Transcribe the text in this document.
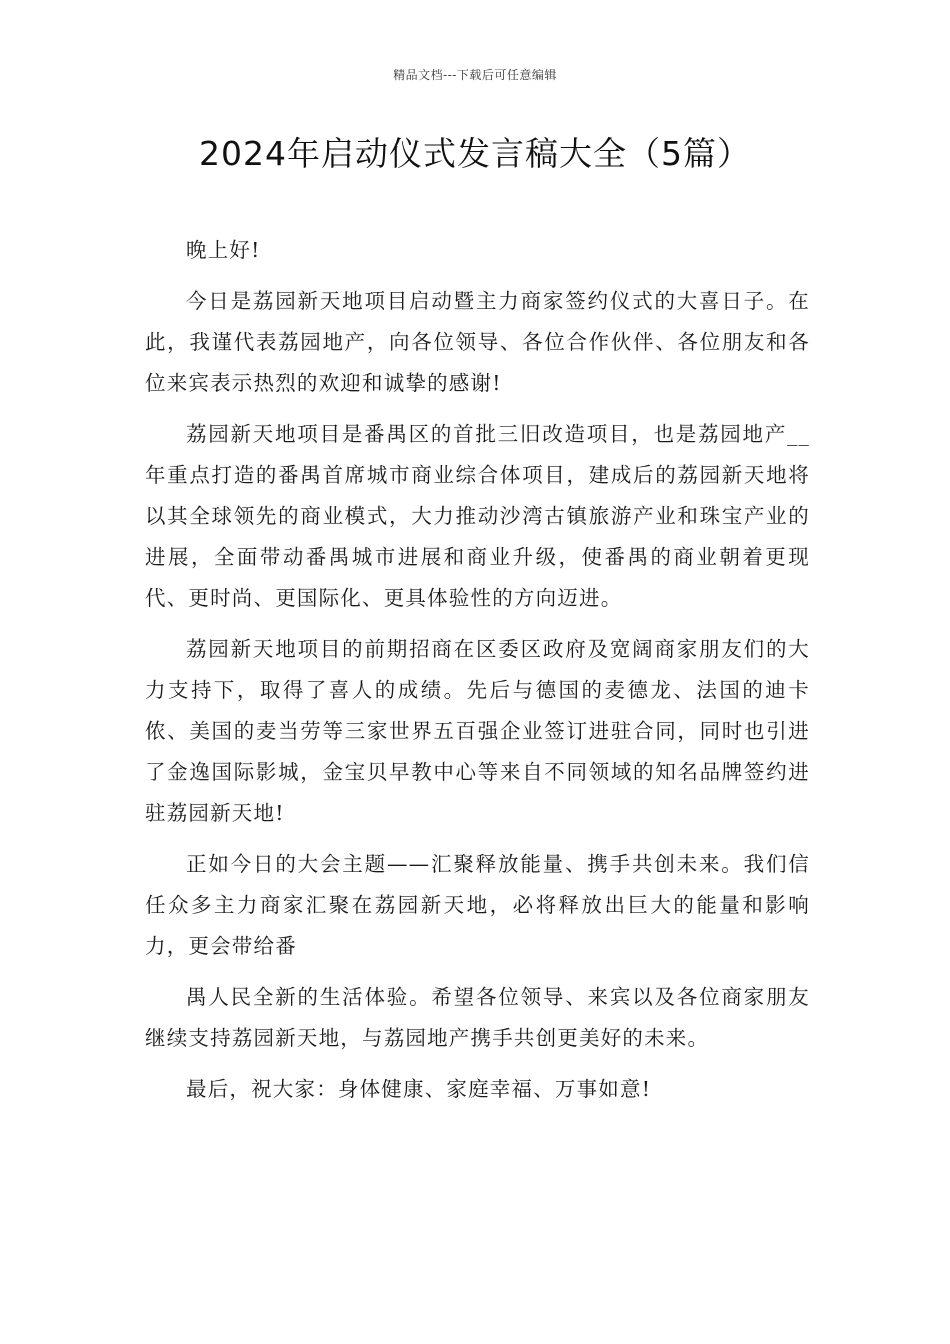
精品文档---下载后可任意编辑
2024年启动仪式发言稿大全（5篇）

晚上好!

今日是荔园新天地项目启动暨主力商家签约仪式的大喜日子。在此，我谨代表荔园地产，向各位领导、各位合作伙伴、各位朋友和各位来宾表示热烈的欢迎和诚挚的感谢!

荔园新天地项目是番禺区的首批三旧改造项目，也是荔园地产__年重点打造的番禺首席城市商业综合体项目，建成后的荔园新天地将以其全球领先的商业模式，大力推动沙湾古镇旅游产业和珠宝产业的进展，全面带动番禺城市进展和商业升级，使番禺的商业朝着更现代、更时尚、更国际化、更具体验性的方向迈进。

荔园新天地项目的前期招商在区委区政府及宽阔商家朋友们的大力支持下，取得了喜人的成绩。先后与德国的麦德龙、法国的迪卡侬、美国的麦当劳等三家世界五百强企业签订进驻合同，同时也引进了金逸国际影城，金宝贝早教中心等来自不同领域的知名品牌签约进驻荔园新天地!

正如今日的大会主题——汇聚释放能量、携手共创未来。我们信任众多主力商家汇聚在荔园新天地，必将释放出巨大的能量和影响力，更会带给番

禺人民全新的生活体验。希望各位领导、来宾以及各位商家朋友继续支持荔园新天地，与荔园地产携手共创更美好的未来。

最后，祝大家：身体健康、家庭幸福、万事如意!
